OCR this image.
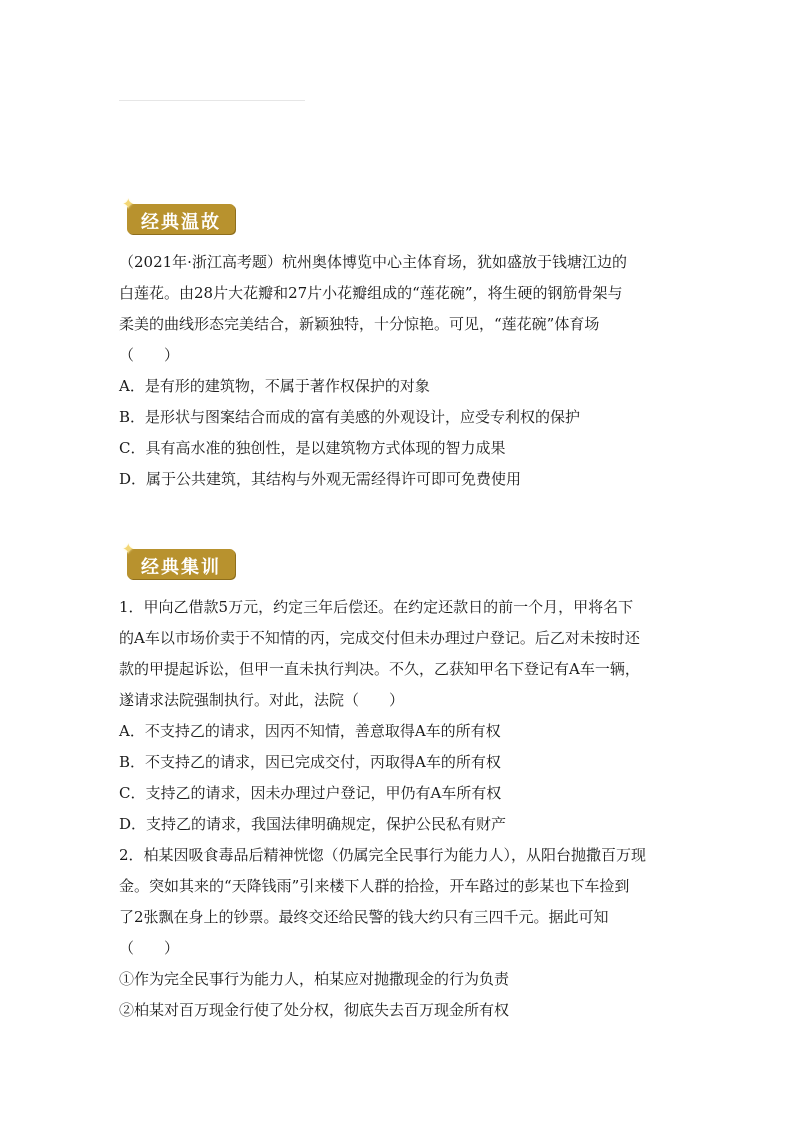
✦
经典温故
（2021年·浙江高考题）杭州奥体博览中心主体育场，犹如盛放于钱塘江边的
白莲花。由28片大花瓣和27片小花瓣组成的“莲花碗”，将生硬的钢筋骨架与
柔美的曲线形态完美结合，新颖独特，十分惊艳。可见，“莲花碗”体育场
（　　）
A．是有形的建筑物，不属于著作权保护的对象
B．是形状与图案结合而成的富有美感的外观设计，应受专利权的保护
C．具有高水准的独创性，是以建筑物方式体现的智力成果
D．属于公共建筑，其结构与外观无需经得许可即可免费使用
✦
经典集训
1．甲向乙借款5万元，约定三年后偿还。在约定还款日的前一个月，甲将名下
的A车以市场价卖于不知情的丙，完成交付但未办理过户登记。后乙对未按时还
款的甲提起诉讼，但甲一直未执行判决。不久，乙获知甲名下登记有A车一辆，
遂请求法院强制执行。对此，法院（　　）
A．不支持乙的请求，因丙不知情，善意取得A车的所有权
B．不支持乙的请求，因已完成交付，丙取得A车的所有权
C．支持乙的请求，因未办理过户登记，甲仍有A车所有权
D．支持乙的请求，我国法律明确规定，保护公民私有财产
2．柏某因吸食毒品后精神恍惚（仍属完全民事行为能力人），从阳台抛撒百万现
金。突如其来的“天降钱雨”引来楼下人群的拾捡，开车路过的彭某也下车捡到
了2张飘在身上的钞票。最终交还给民警的钱大约只有三四千元。据此可知
（　　）
①作为完全民事行为能力人，柏某应对抛撒现金的行为负责
②柏某对百万现金行使了处分权，彻底失去百万现金所有权
